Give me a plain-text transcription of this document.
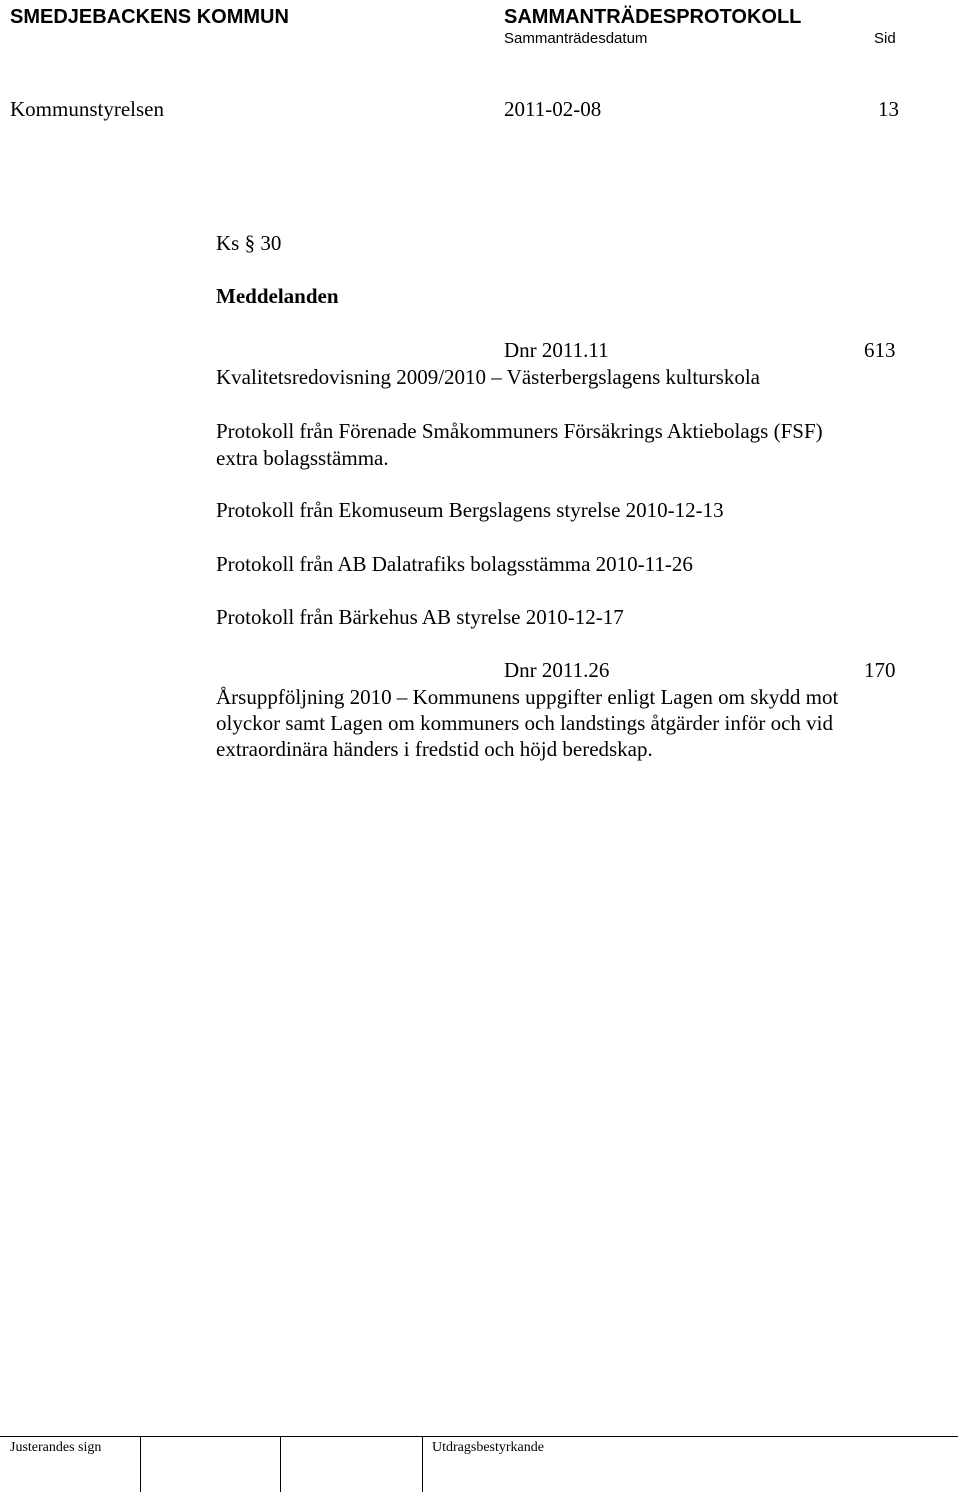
SMEDJEBACKENS KOMMUN	SAMMANTRÄDESPROTOKOLL
Sammanträdesdatum	Sid
Kommunstyrelsen	2011-02-08	13
Ks § 30
Meddelanden
Dnr 2011.11	613
Kvalitetsredovisning 2009/2010 – Västerbergslagens kulturskola
Protokoll från Förenade Småkommuners Försäkrings Aktiebolags (FSF)
extra bolagsstämma.
Protokoll från Ekomuseum Bergslagens styrelse 2010-12-13
Protokoll från AB Dalatrafiks bolagsstämma 2010-11-26
Protokoll från Bärkehus AB styrelse 2010-12-17
Dnr 2011.26	170
Årsuppföljning 2010 – Kommunens uppgifter enligt Lagen om skydd mot
olyckor samt Lagen om kommuners och landstings åtgärder inför och vid
extraordinära händers i fredstid och höjd beredskap.
Justerandes sign	Utdragsbestyrkande
